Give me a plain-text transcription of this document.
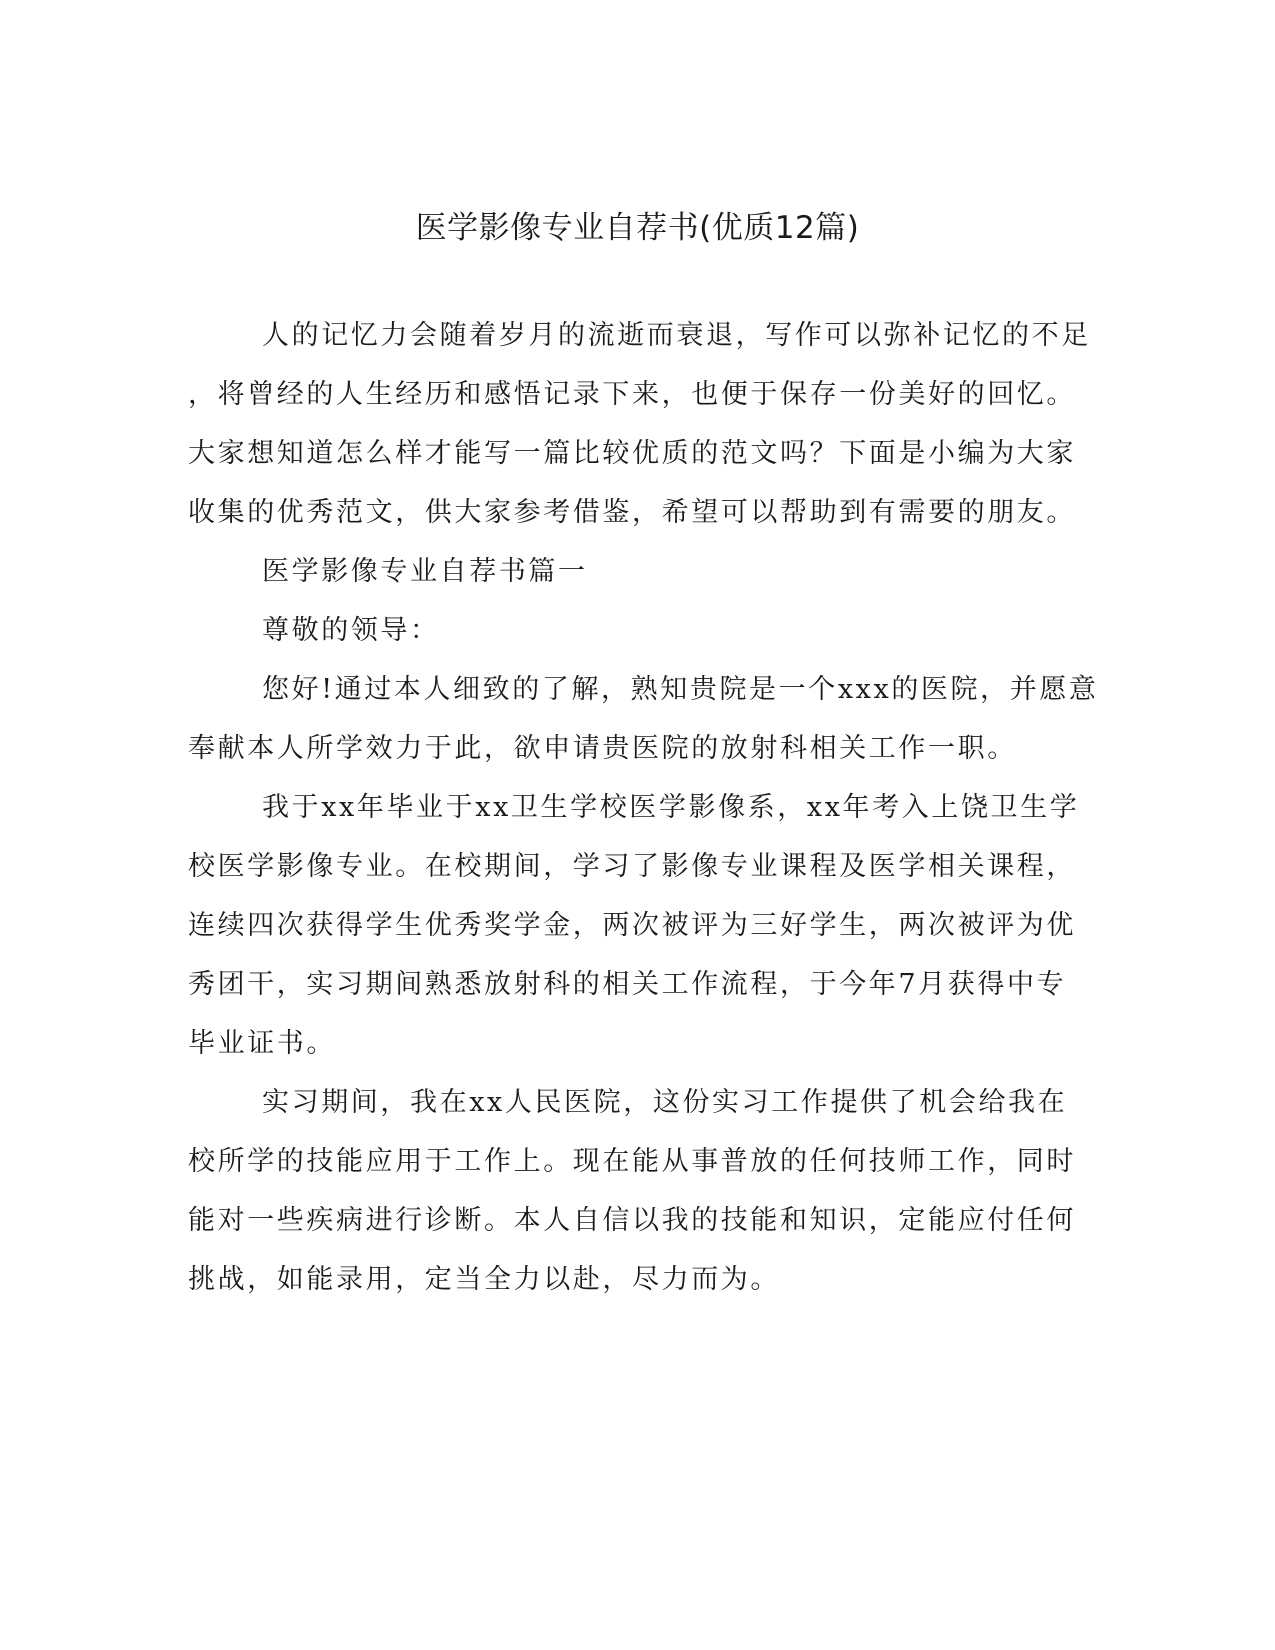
医学影像专业自荐书(优质12篇)

人的记忆力会随着岁月的流逝而衰退，写作可以弥补记忆的不足

，将曾经的人生经历和感悟记录下来，也便于保存一份美好的回忆。

大家想知道怎么样才能写一篇比较优质的范文吗？下面是小编为大家

收集的优秀范文，供大家参考借鉴，希望可以帮助到有需要的朋友。

医学影像专业自荐书篇一

尊敬的领导：

您好!通过本人细致的了解，熟知贵院是一个xxx的医院，并愿意

奉献本人所学效力于此，欲申请贵医院的放射科相关工作一职。

我于xx年毕业于xx卫生学校医学影像系，xx年考入上饶卫生学

校医学影像专业。在校期间，学习了影像专业课程及医学相关课程，

连续四次获得学生优秀奖学金，两次被评为三好学生，两次被评为优

秀团干，实习期间熟悉放射科的相关工作流程，于今年7月获得中专

毕业证书。

实习期间，我在xx人民医院，这份实习工作提供了机会给我在

校所学的技能应用于工作上。现在能从事普放的任何技师工作，同时

能对一些疾病进行诊断。本人自信以我的技能和知识，定能应付任何

挑战，如能录用，定当全力以赴，尽力而为。
